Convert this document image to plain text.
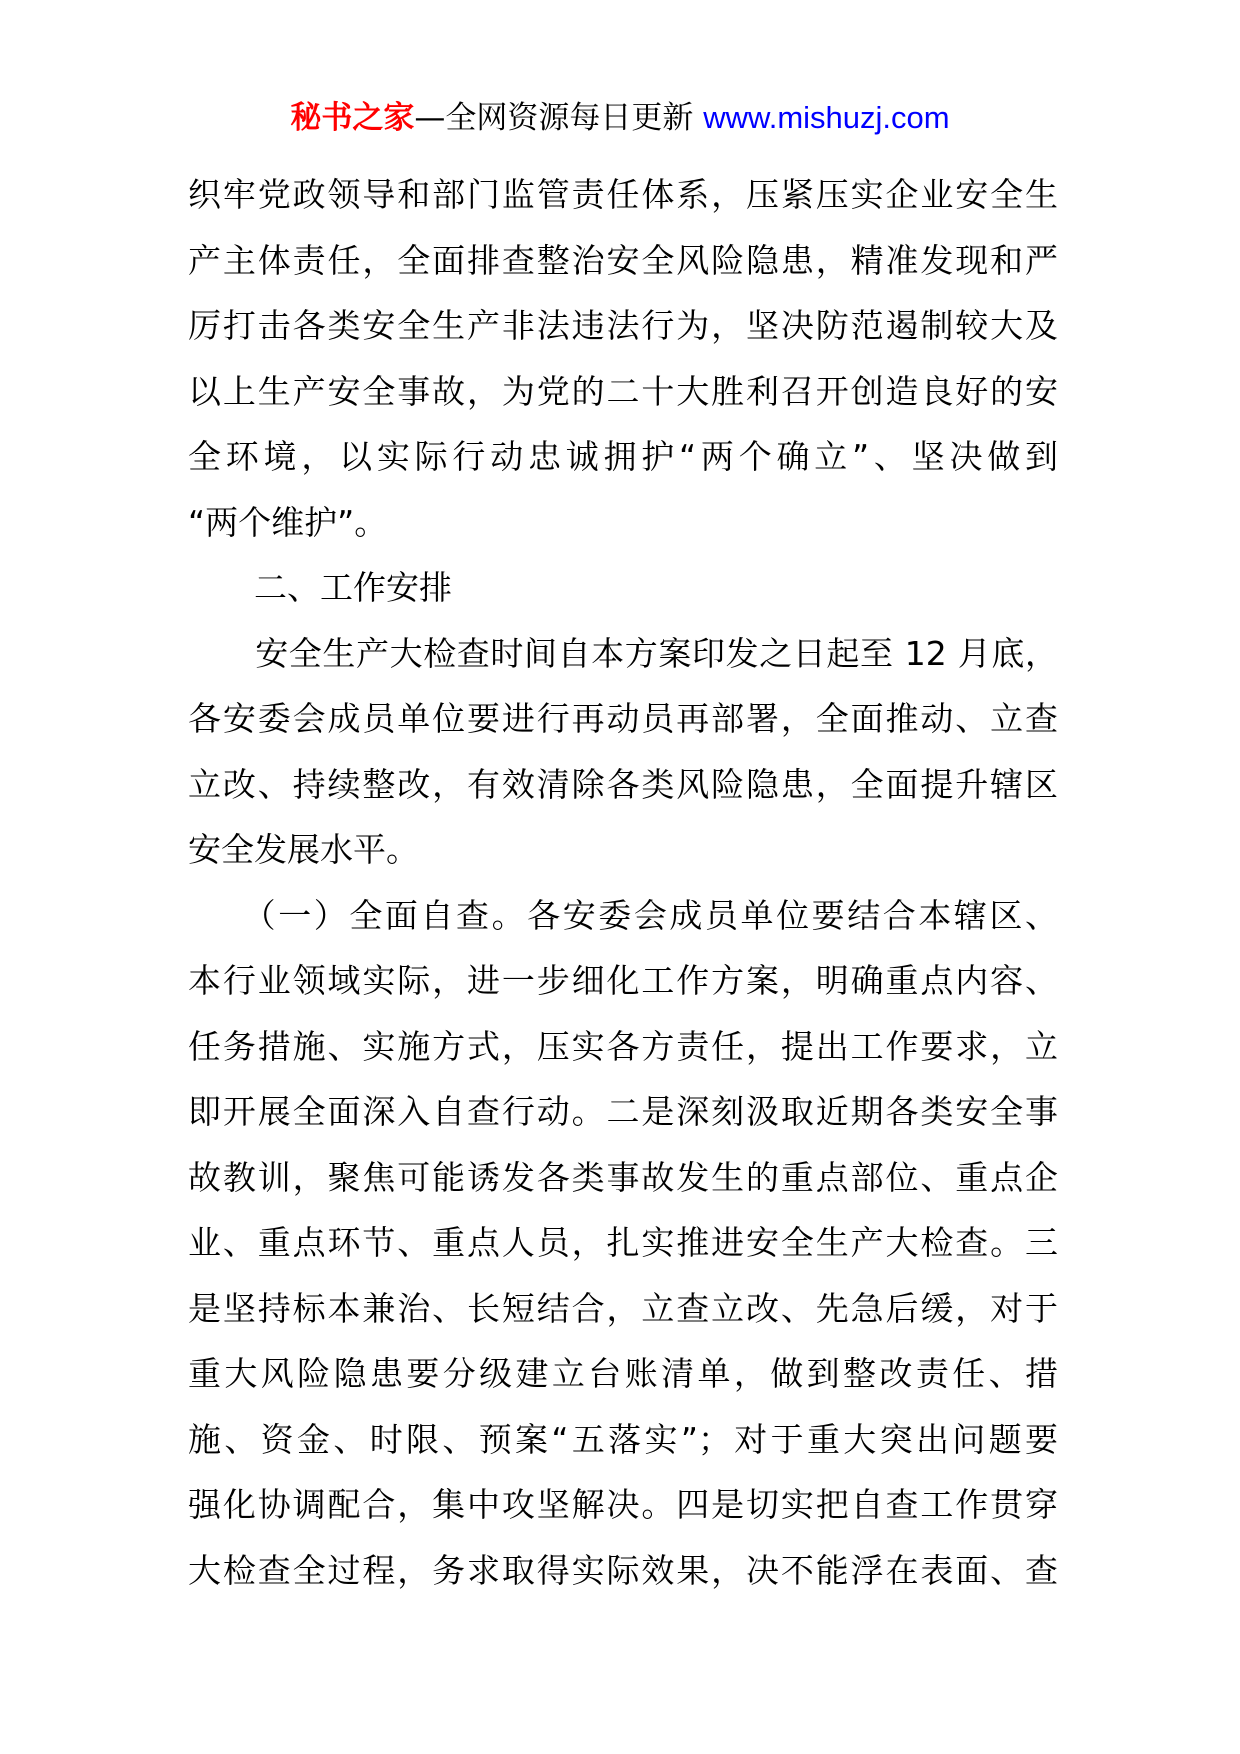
秘书之家—全网资源每日更新 www.mishuzj.com
织牢党政领导和部门监管责任体系，压紧压实企业安全生
产主体责任，全面排查整治安全风险隐患，精准发现和严
厉打击各类安全生产非法违法行为，坚决防范遏制较大及
以上生产安全事故，为党的二十大胜利召开创造良好的安
全环境，以实际行动忠诚拥护“两个确立”、坚决做到
“两个维护”。
　　二、工作安排
　　安全生产大检查时间自本方案印发之日起至 12 月底，
各安委会成员单位要进行再动员再部署，全面推动、立查
立改、持续整改，有效清除各类风险隐患，全面提升辖区
安全发展水平。
　　（一）全面自查。各安委会成员单位要结合本辖区、
本行业领域实际，进一步细化工作方案，明确重点内容、
任务措施、实施方式，压实各方责任，提出工作要求，立
即开展全面深入自查行动。二是深刻汲取近期各类安全事
故教训，聚焦可能诱发各类事故发生的重点部位、重点企
业、重点环节、重点人员，扎实推进安全生产大检查。三
是坚持标本兼治、长短结合，立查立改、先急后缓，对于
重大风险隐患要分级建立台账清单，做到整改责任、措
施、资金、时限、预案“五落实”；对于重大突出问题要
强化协调配合，集中攻坚解决。四是切实把自查工作贯穿
大检查全过程，务求取得实际效果，决不能浮在表面、查
